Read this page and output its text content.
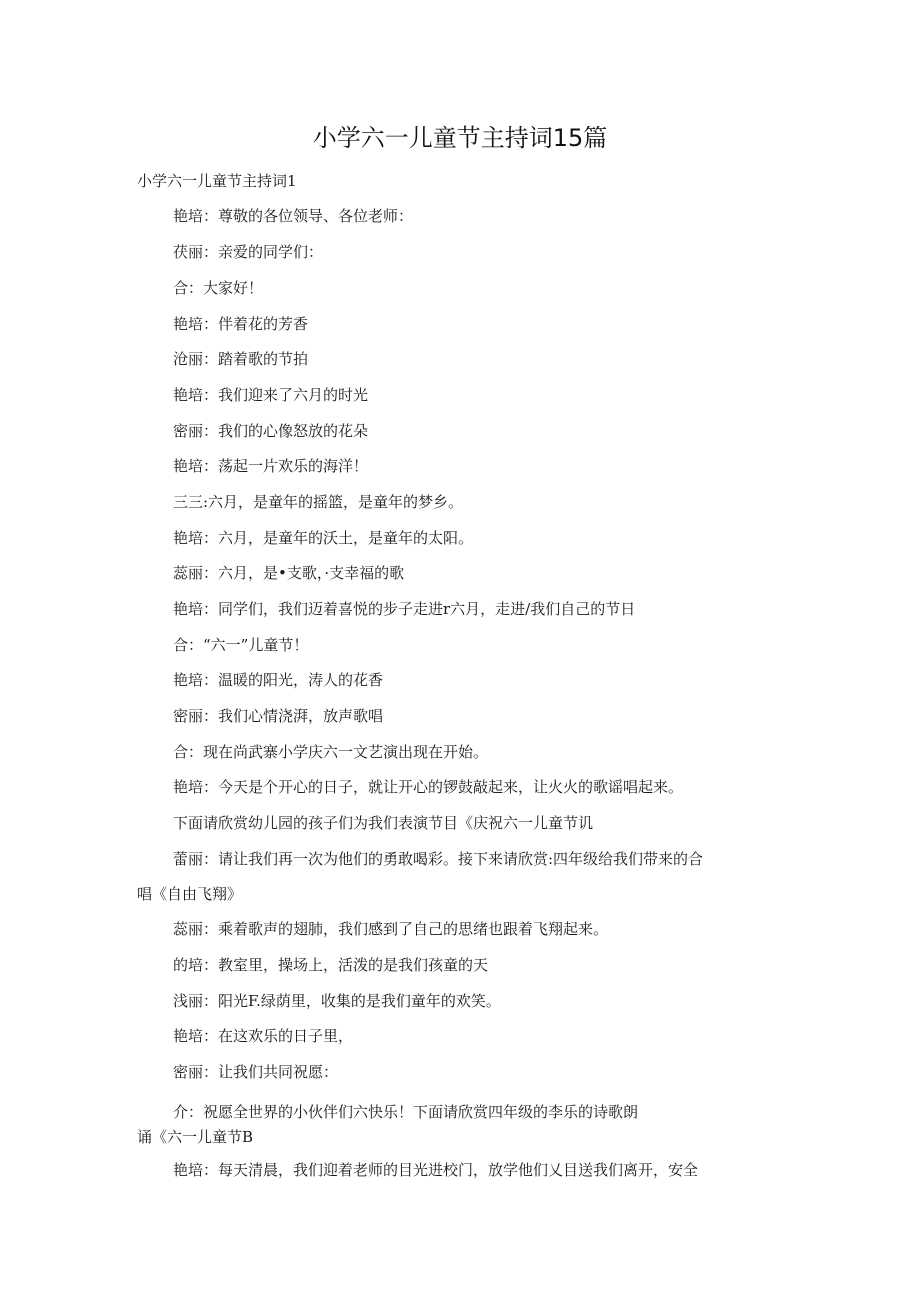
小学六一儿童节主持词15篇

小学六一儿童节主持词1

艳培：尊敬的各位领导、各位老师：

茯丽：亲爱的同学们：

合：大家好！

艳培：伴着花的芳香

沧丽：踏着歌的节拍

艳培：我们迎来了六月的时光

密丽：我们的心像怒放的花朵

艳培：荡起一片欢乐的海洋！

三三:六月，是童年的摇篮，是童年的梦乡。

艳培：六月，是童年的沃土，是童年的太阳。

蕊丽：六月，是•支歌，·支幸福的歌

艳培：同学们，我们迈着喜悦的步子走进r六月，走进/我们自己的节日

合：“六一”儿童节！

艳培：温暖的阳光，涛人的花香

密丽：我们心情浇湃，放声歌唱

合：现在尚武寨小学庆六一文艺演出现在开始。

艳培：今天是个开心的日子，就让开心的锣鼓敲起来，让火火的歌谣唱起来。

下面请欣赏幼儿园的孩子们为我们表演节目《庆祝六一儿童节讥

蕾丽：请让我们再一次为他们的勇敢喝彩。接下来请欣赏:四年级给我们带来的合

唱《自由飞翔》

蕊丽：乘着歌声的翅肺，我们感到了自己的思绪也跟着飞翔起来。

的培：教室里，操场上，活泼的是我们孩童的天

浅丽：阳光F.绿荫里，收集的是我们童年的欢笑。

艳培：在这欢乐的日子里，

密丽：让我们共同祝愿：

介：祝愿全世界的小伙伴们六快乐！下面请欣赏四年级的李乐的诗歌朗

诵《六一儿童节B

艳培：每天清晨，我们迎着老师的目光进校门，放学他们乂目送我们离开，安全
